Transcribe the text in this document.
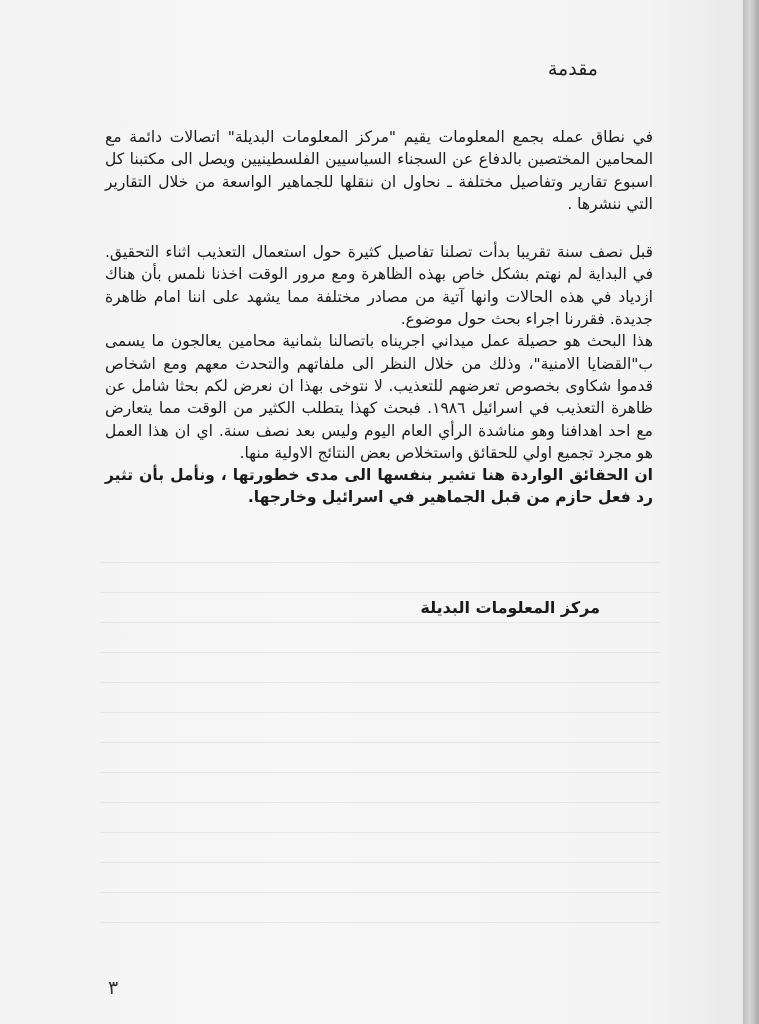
مقدمة

في نطاق عمله بجمع المعلومات يقيم "مركز المعلومات البديلة" اتصالات دائمة مع المحامين المختصين بالدفاع عن السجناء السياسيين الفلسطينيين ويصل الى مكتبنا كل اسبوع تقارير وتفاصيل مختلفة ـ نحاول ان ننقلها للجماهير الواسعة من خلال التقارير التي ننشرها .

قبل نصف سنة تقريبا بدأت تصلنا تفاصيل كثيرة حول استعمال التعذيب اثناء التحقيق. في البداية لم نهتم بشكل خاص بهذه الظاهرة ومع مرور الوقت اخذنا نلمس بأن هناك ازدياد في هذه الحالات وانها آتية من مصادر مختلفة مما يشهد على اننا امام ظاهرة جديدة. فقررنا اجراء بحث حول موضوع.

هذا البحث هو حصيلة عمل ميداني اجريناه باتصالنا بثمانية محامين يعالجون ما يسمى ب"القضايا الامنية"، وذلك من خلال النظر الى ملفاتهم والتحدث معهم ومع اشخاص قدموا شكاوى بخصوص تعرضهم للتعذيب. لا نتوخى بهذا ان نعرض لكم بحثا شامل عن ظاهرة التعذيب في اسرائيل ١٩٨٦. فبحث كهذا يتطلب الكثير من الوقت مما يتعارض مع احد اهدافنا وهو مناشدة الرأي العام اليوم وليس بعد نصف سنة. اي ان هذا العمل هو مجرد تجميع اولي للحقائق واستخلاص بعض النتائج الاولية منها.

ان الحقائق الواردة هنا تشير بنفسها الى مدى خطورتها ، ونأمل بأن تثير رد فعل حازم من قبل الجماهير في اسرائيل وخارجها.

مركز المعلومات البديلة
٣
